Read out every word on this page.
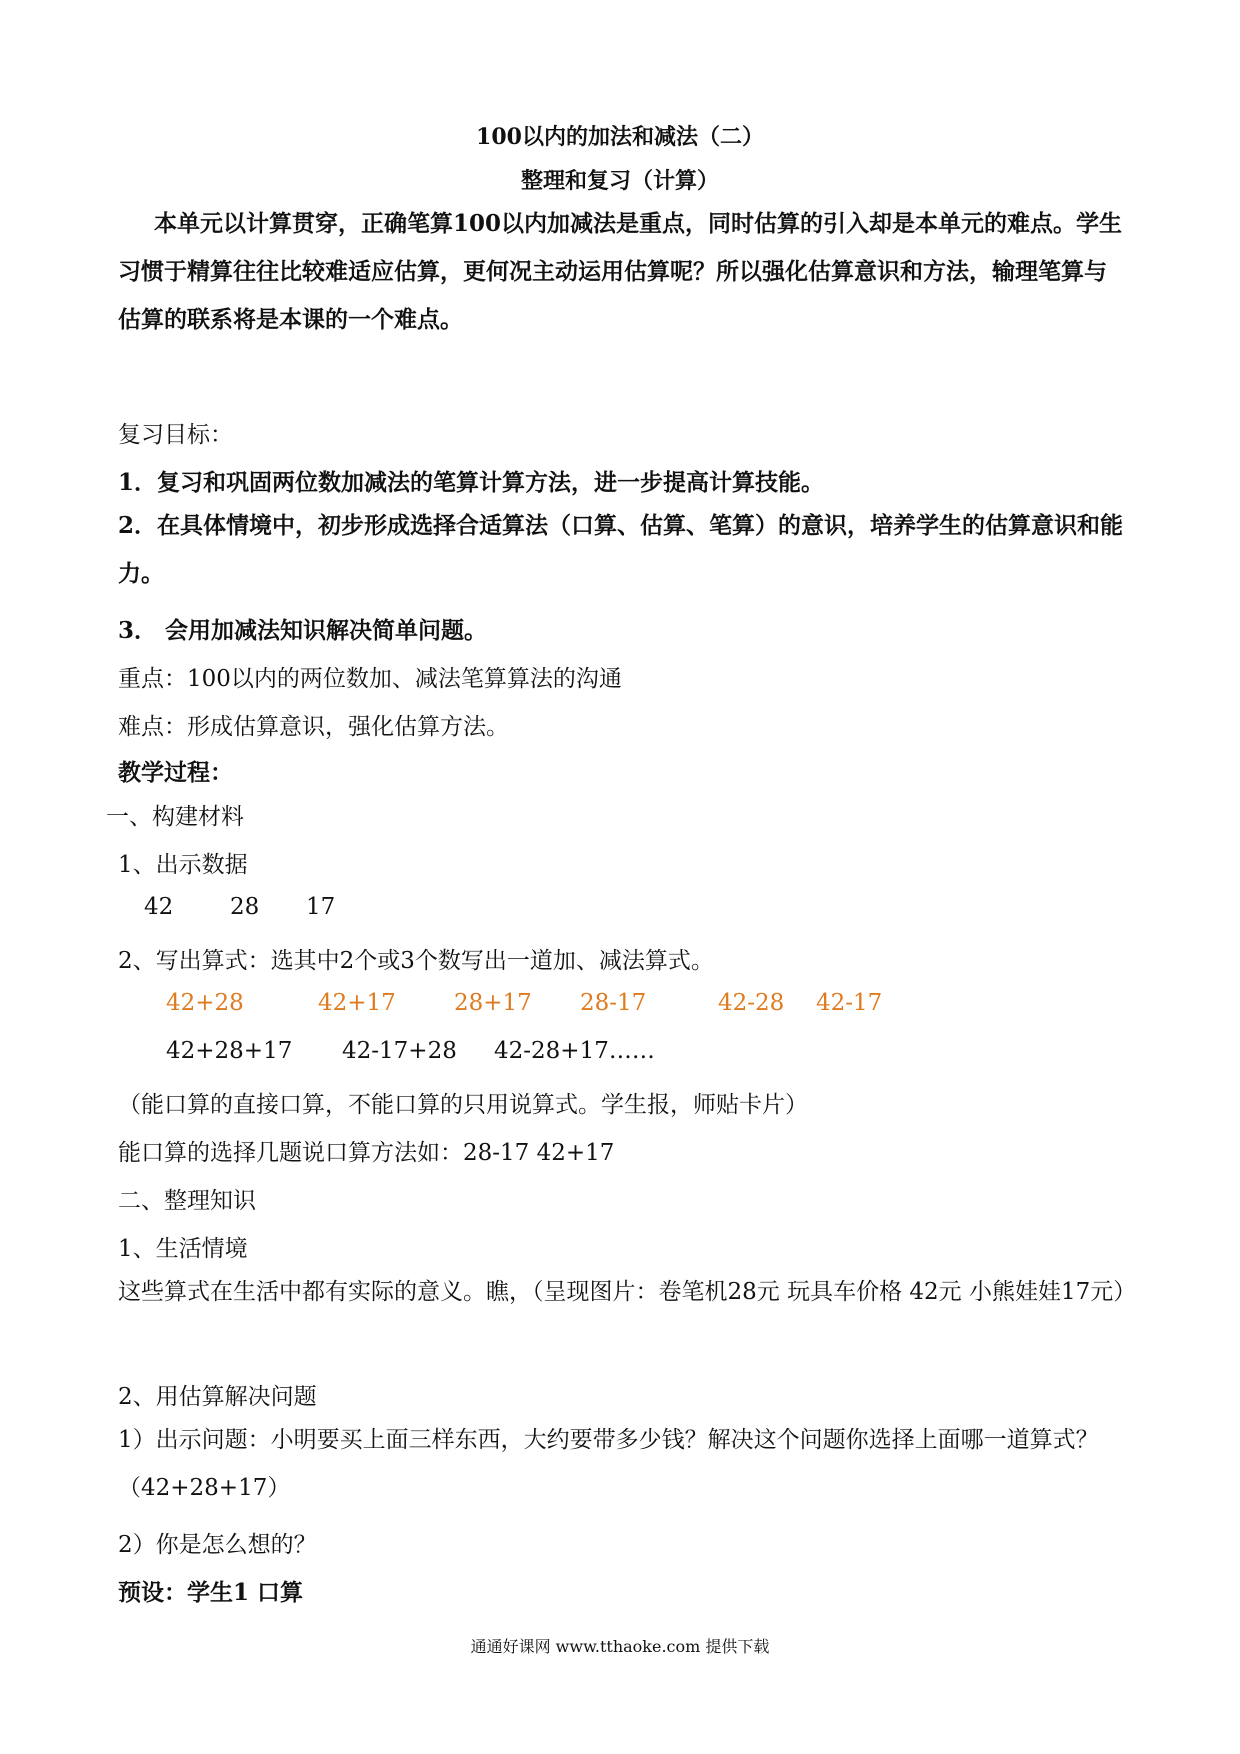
100以内的加法和减法（二）
整理和复习（计算）
本单元以计算贯穿，正确笔算100以内加减法是重点，同时估算的引入却是本单元的难点。学生习惯于精算往往比较难适应估算，更何况主动运用估算呢？所以强化估算意识和方法，输理笔算与估算的联系将是本课的一个难点。
复习目标：
1．复习和巩固两位数加减法的笔算计算方法，进一步提高计算技能。
2．在具体情境中，初步形成选择合适算法（口算、估算、笔算）的意识，培养学生的估算意识和能力。
3． 会用加减法知识解决简单问题。
重点：100以内的两位数加、减法笔算算法的沟通
难点：形成估算意识，强化估算方法。
教学过程：
一、构建材料
1、出示数据
42 28 17
2、写出算式：选其中2个或3个数写出一道加、减法算式。
42+28	42+17	28+17 28-17	42-28 42-17
42+28+17 42-17+28 42-28+17……
（能口算的直接口算，不能口算的只用说算式。学生报，师贴卡片）
能口算的选择几题说口算方法如：28-17 42+17
二、整理知识
1、生活情境
这些算式在生活中都有实际的意义。瞧，（呈现图片：卷笔机28元 玩具车价格 42元 小熊娃娃17元）
2、用估算解决问题
1）出示问题：小明要买上面三样东西，大约要带多少钱？解决这个问题你选择上面哪一道算式？（42+28+17）
2）你是怎么想的？
预设：学生1 口算
通通好课网 www.tthaoke.com 提供下载
